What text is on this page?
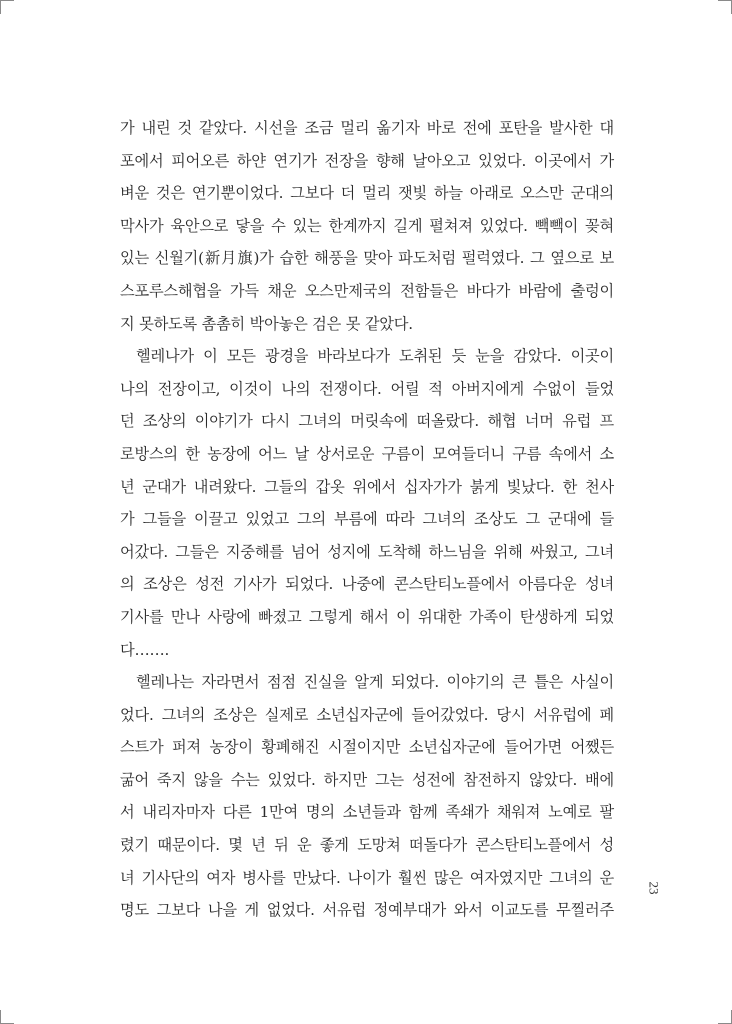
가 내린 것 같았다. 시선을 조금 멀리 옮기자 바로 전에 포탄을 발사한 대
포에서 피어오른 하얀 연기가 전장을 향해 날아오고 있었다. 이곳에서 가
벼운 것은 연기뿐이었다. 그보다 더 멀리 잿빛 하늘 아래로 오스만 군대의
막사가 육안으로 닿을 수 있는 한계까지 길게 펼쳐져 있었다. 빽빽이 꽂혀
있는 신월기(新月旗)가 습한 해풍을 맞아 파도처럼 펄럭였다. 그 옆으로 보
스포루스해협을 가득 채운 오스만제국의 전함들은 바다가 바람에 출렁이
지 못하도록 촘촘히 박아놓은 검은 못 같았다.
헬레나가 이 모든 광경을 바라보다가 도취된 듯 눈을 감았다. 이곳이
나의 전장이고, 이것이 나의 전쟁이다. 어릴 적 아버지에게 수없이 들었
던 조상의 이야기가 다시 그녀의 머릿속에 떠올랐다. 해협 너머 유럽 프
로방스의 한 농장에 어느 날 상서로운 구름이 모여들더니 구름 속에서 소
년 군대가 내려왔다. 그들의 갑옷 위에서 십자가가 붉게 빛났다. 한 천사
가 그들을 이끌고 있었고 그의 부름에 따라 그녀의 조상도 그 군대에 들
어갔다. 그들은 지중해를 넘어 성지에 도착해 하느님을 위해 싸웠고, 그녀
의 조상은 성전 기사가 되었다. 나중에 콘스탄티노플에서 아름다운 성녀
기사를 만나 사랑에 빠졌고 그렇게 해서 이 위대한 가족이 탄생하게 되었
다…….
헬레나는 자라면서 점점 진실을 알게 되었다. 이야기의 큰 틀은 사실이
었다. 그녀의 조상은 실제로 소년십자군에 들어갔었다. 당시 서유럽에 페
스트가 퍼져 농장이 황폐해진 시절이지만 소년십자군에 들어가면 어쨌든
굶어 죽지 않을 수는 있었다. 하지만 그는 성전에 참전하지 않았다. 배에
서 내리자마자 다른 1만여 명의 소년들과 함께 족쇄가 채워져 노예로 팔
렸기 때문이다. 몇 년 뒤 운 좋게 도망쳐 떠돌다가 콘스탄티노플에서 성
녀 기사단의 여자 병사를 만났다. 나이가 훨씬 많은 여자였지만 그녀의 운
명도 그보다 나을 게 없었다. 서유럽 정예부대가 와서 이교도를 무찔러주
23
